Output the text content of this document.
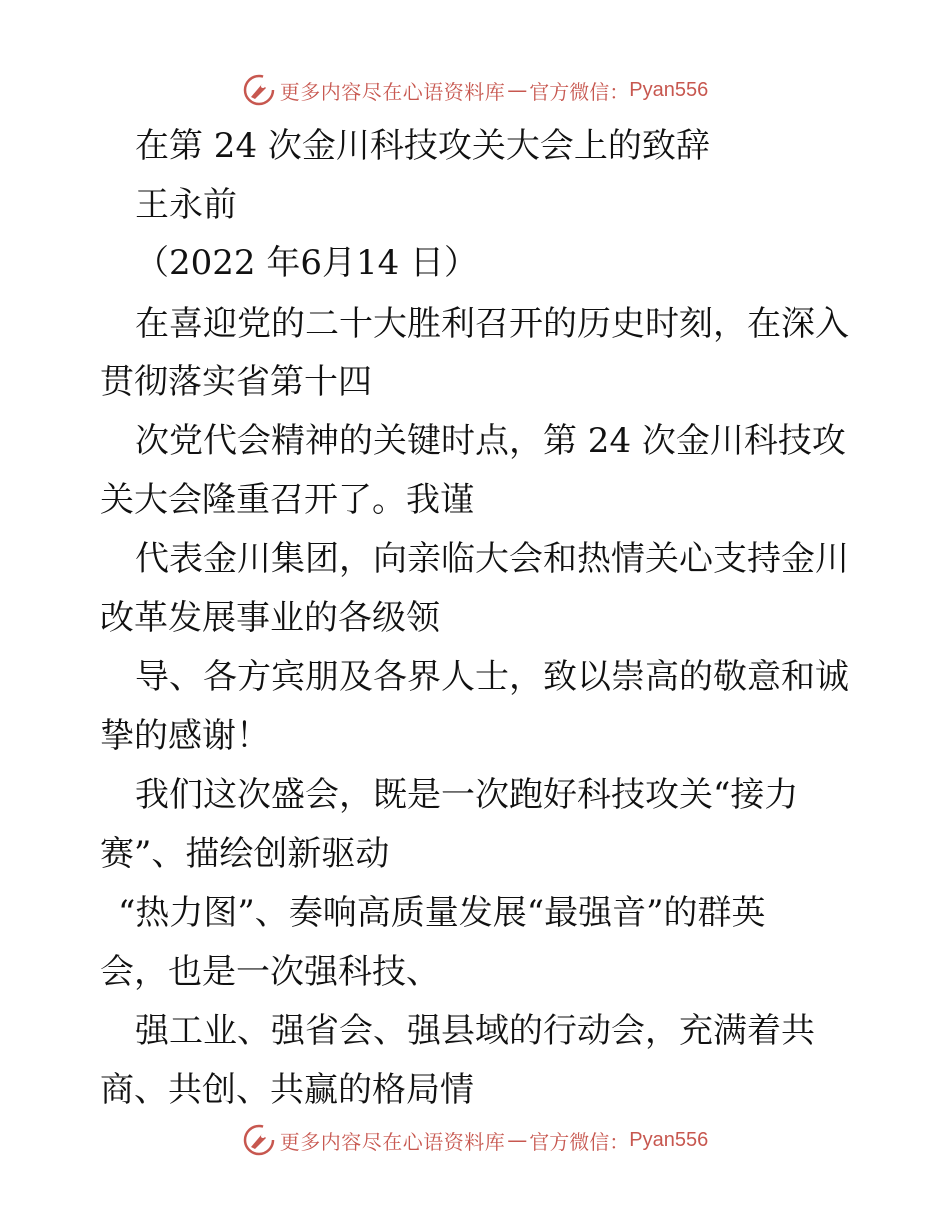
更多内容尽在心语资料库 — 官方微信： Pyan556
在第 24 次金川科技攻关大会上的致辞
王永前
（2022 年6月14 日）
在喜迎党的二十大胜利召开的历史时刻，在深入
贯彻落实省第十四
次党代会精神的关键时点，第 24 次金川科技攻
关大会隆重召开了。我谨
代表金川集团，向亲临大会和热情关心支持金川
改革发展事业的各级领
导、各方宾朋及各界人士，致以崇高的敬意和诚
挚的感谢！
我们这次盛会，既是一次跑好科技攻关“接力
赛”、描绘创新驱动
“热力图”、奏响高质量发展“最强音”的群英
会，也是一次强科技、
强工业、强省会、强县域的行动会，充满着共
商、共创、共赢的格局情
更多内容尽在心语资料库 — 官方微信： Pyan556
